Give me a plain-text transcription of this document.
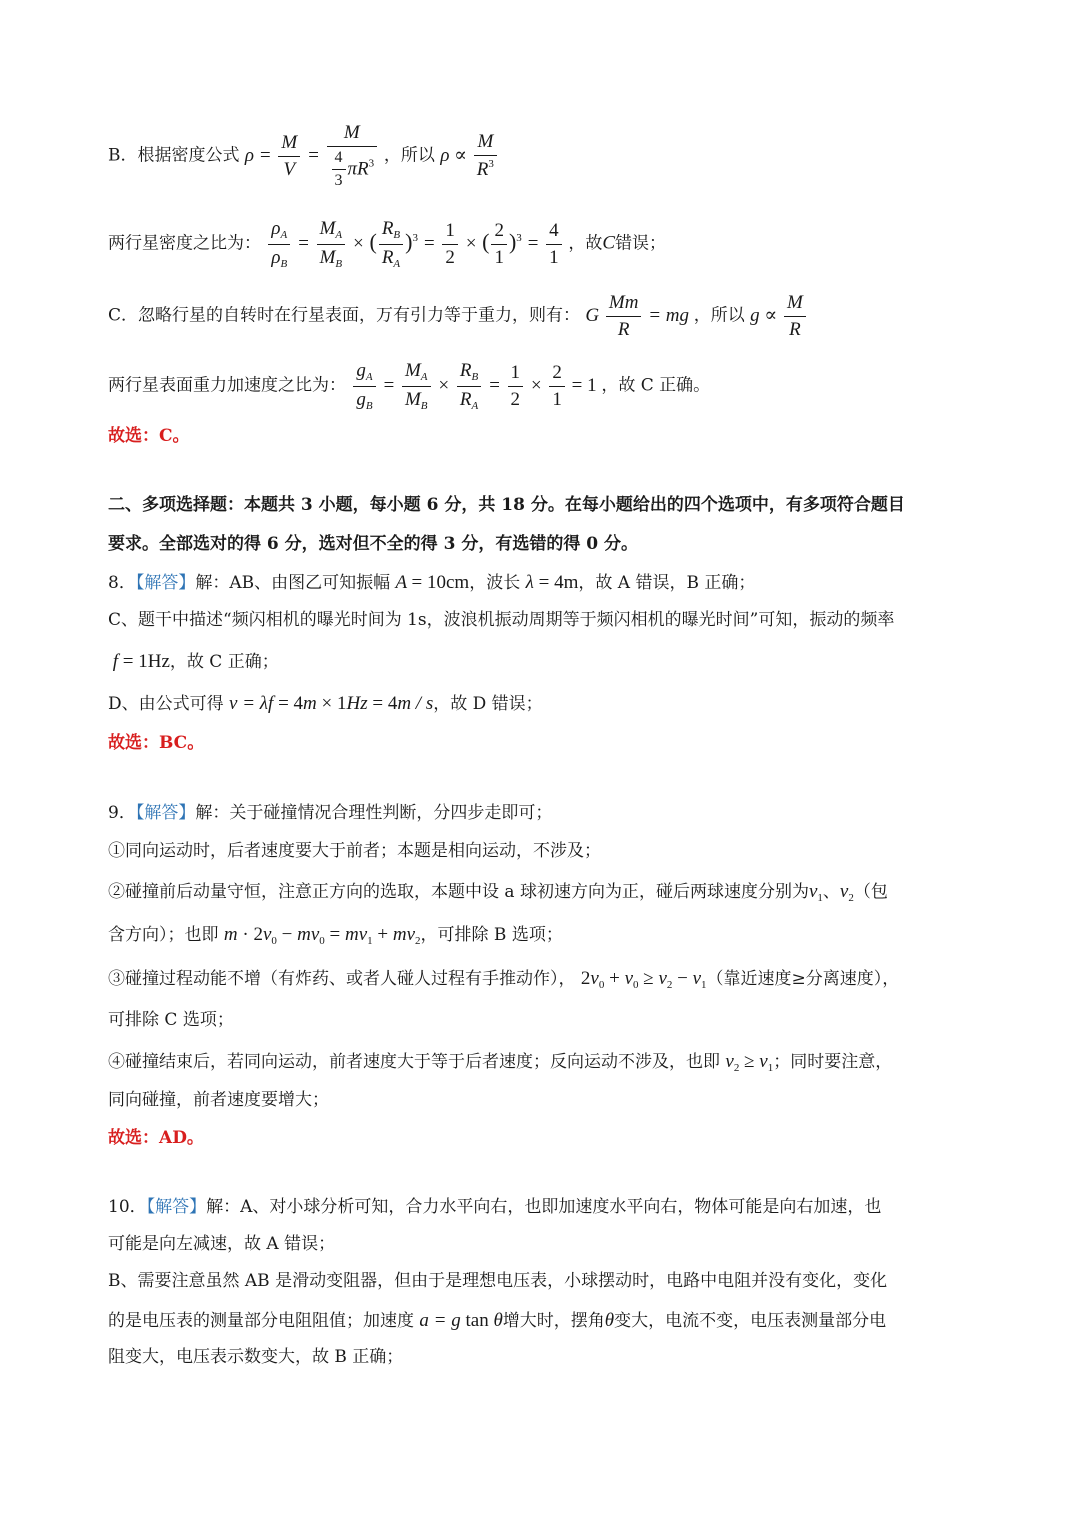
B．根据密度公式 $\rho = \frac{M}{V} = \frac{M}{\frac{4}{3} \pi R^3}$ ，所以 $\rho \propto \frac{M}{R^3}$
两行星密度之比为： $\frac{\rho_A}{\rho_B} = \frac{M_A}{M_B}$ × ( $\frac{R_B}{R_A} )^3 = \frac{1}{2}$ × ( $\frac{2}{1} )^3 = \frac{4}{1}$ ，故C错误；
C．忽略行星的自转时在行星表面，万有引力等于重力，则有： G $\frac{Mm}{R}$ = mg ，所以 $g \propto \frac{M}{R}$
两行星表面重力加速度之比为： $\frac{g_A}{g_B} = \frac{M_A}{M_B} \times \frac{R_B}{R_A} = \frac{1}{2} \times \frac{2}{1} = 1$ ，故 C 正确。
故选：C。
二、多项选择题：本题共 3 小题，每小题 6 分，共 18 分。在每小题给出的四个选项中，有多项符合题目
要求。全部选对的得 6 分，选对但不全的得 3 分，有选错的得 0 分。
8．【解答】解：AB、由图乙可知振幅 A = 10cm，波长 λ = 4m，故 A 错误，B 正确；
C、题干中描述“频闪相机的曝光时间为 1s，波浪机振动周期等于频闪相机的曝光时间”可知，振动的频率
f = 1Hz，故 C 正确；
D、由公式可得 v = λf = 4m × 1Hz = 4m / s，故 D 错误；
故选：BC。
9．【解答】解：关于碰撞情况合理性判断，分四步走即可；
①同向运动时，后者速度要大于前者；本题是相向运动，不涉及；
②碰撞前后动量守恒，注意正方向的选取，本题中设 a 球初速方向为正，碰后两球速度分别为$v_1$、$v_2$（包
含方向）；也即 $m \cdot 2v_0 - mv_0 = mv_1 + mv_2$，可排除 B 选项；
③碰撞过程动能不增（有炸药、或者人碰人过程有手推动作）， $2v_0 + v_0 \ge v_2 - v_1$（靠近速度≥分离速度），
可排除 C 选项；
④碰撞结束后，若同向运动，前者速度大于等于后者速度；反向运动不涉及，也即 $v_2 \ge v_1$；同时要注意，
同向碰撞，前者速度要增大；
故选：AD。
10．【解答】解：A、对小球分析可知，合力水平向右，也即加速度水平向右，物体可能是向右加速，也
可能是向左减速，故 A 错误；
B、需要注意虽然 AB 是滑动变阻器，但由于是理想电压表，小球摆动时，电路中电阻并没有变化，变化
的是电压表的测量部分电阻阻值；加速度 a = g tan θ增大时，摆角θ变大，电流不变，电压表测量部分电
阻变大，电压表示数变大，故 B 正确；
